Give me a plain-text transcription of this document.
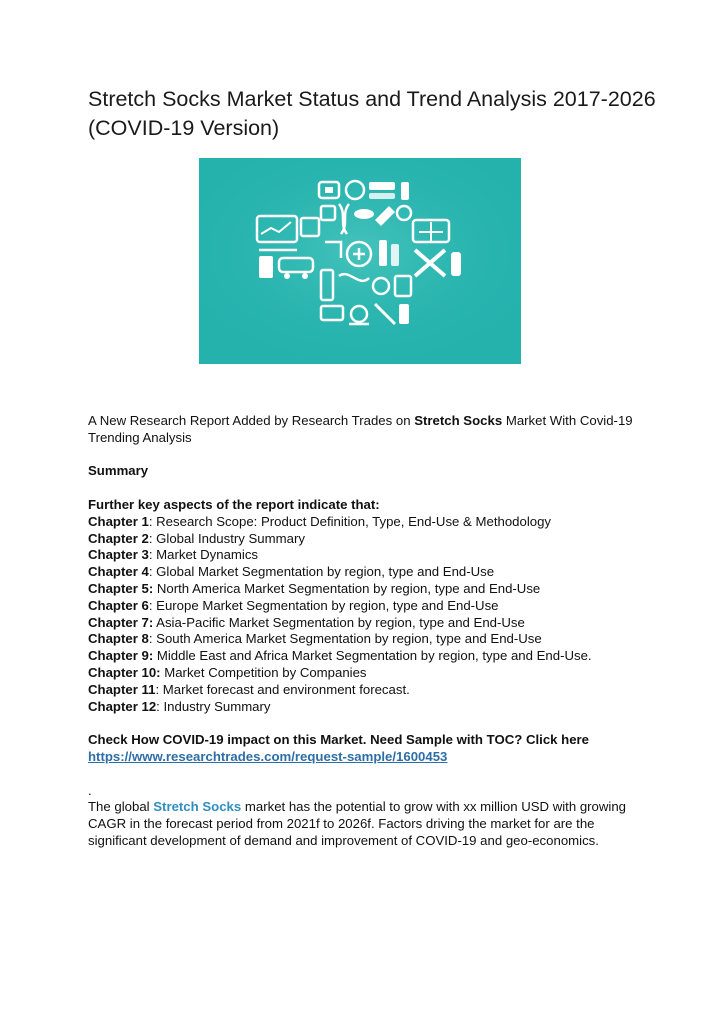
Stretch Socks Market Status and Trend Analysis 2017-2026 (COVID-19 Version)

A New Research Report Added by Research Trades on Stretch Socks Market With Covid-19 Trending Analysis

Summary

Further key aspects of the report indicate that:

Chapter 1: Research Scope: Product Definition, Type, End-Use & Methodology

Chapter 2: Global Industry Summary

Chapter 3: Market Dynamics

Chapter 4: Global Market Segmentation by region, type and End-Use

Chapter 5: North America Market Segmentation by region, type and End-Use

Chapter 6: Europe Market Segmentation by region, type and End-Use

Chapter 7: Asia-Pacific Market Segmentation by region, type and End-Use

Chapter 8: South America Market Segmentation by region, type and End-Use

Chapter 9: Middle East and Africa Market Segmentation by region, type and End-Use.

Chapter 10: Market Competition by Companies

Chapter 11: Market forecast and environment forecast.

Chapter 12: Industry Summary

Check How COVID-19 impact on this Market. Need Sample with TOC? Click here https://www.researchtrades.com/request-sample/1600453

.

The global Stretch Socks market has the potential to grow with xx million USD with growing CAGR in the forecast period from 2021f to 2026f. Factors driving the market for are the significant development of demand and improvement of COVID-19 and geo-economics.
